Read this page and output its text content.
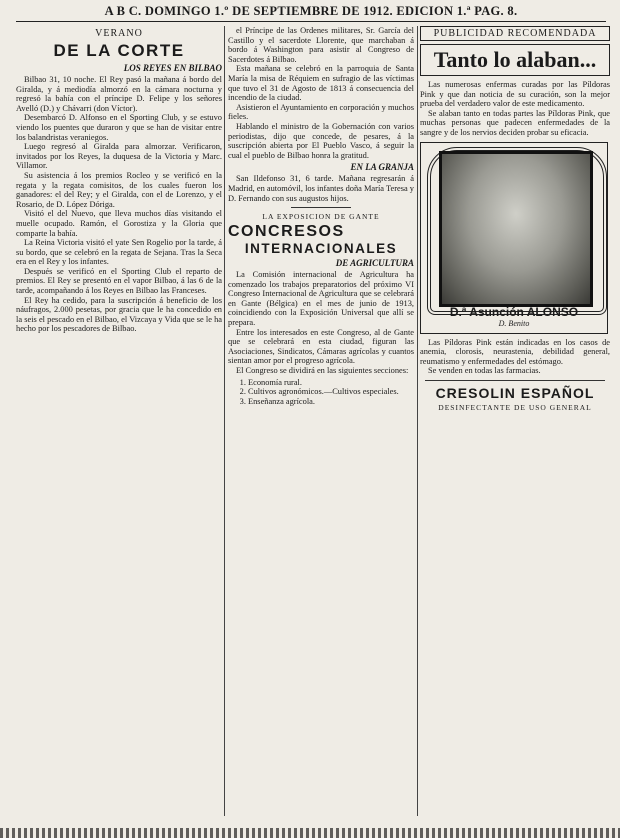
A B C. DOMINGO 1.º DE SEPTIEMBRE DE 1912. EDICION 1.ª PAG. 8.

VERANO

DE LA CORTE

LOS REYES EN BILBAO

Bilbao 31, 10 noche. El Rey pasó la mañana á bordo del Giralda, y á mediodía almorzó en la cámara nocturna y regresó la bahía con el príncipe D. Felipe y los señores Avelló (D.) y Chávarri (don Víctor).

Desembarcó D. Alfonso en el Sporting Club, y se estuvo viendo los puentes que duraron y que se han de visitar entre los balandristas veraniegos.

Luego regresó al Giralda para almorzar. Verificaron, invitados por los Reyes, la duquesa de la Victoria y Marc. Villamor.

Su asistencia á los premios Rocleo y se verificó en la regata y la regata comisitos, de los cuales fueron los ganadores: el del Rey; y el Giralda, con el de Lorenzo, y el Rosario, de D. López Dóriga.

Visitó el del Nuevo, que lleva muchos días visitando el muelle ocupado. Ramón, el Gorostiza y la Gloria que comparte la bahía.

La Reina Victoria visitó el yate Sen Rogelio por la tarde, á su bordo, que se celebró en la regata de Sejana. Tras la Seca era en el Rey y los infantes.

Después se verificó en el Sporting Club el reparto de premios. El Rey se presentó en el vapor Bilbao, á las 6 de la tarde, acompañando á los Reyes en Bilbao las Franceses.

El Rey ha cedido, para la suscripción á beneficio de los náufragos, 2.000 pesetas, por gracia que le ha concedido en la seis el pescado en el Bilbao, el Vizcaya y Vida que se le ha hecho por los pescadores de Bilbao.

el Príncipe de las Ordenes militares, Sr. García del Castillo y el sacerdote Llorente, que marchaban á bordo á Washington para asistir al Congreso de Sacerdotes á Bilbao.

Esta mañana se celebró en la parroquia de Santa María la misa de Réquiem en sufragio de las víctimas que tuvo el 31 de Agosto de 1813 á consecuencia del incendio de la ciudad.

Asistieron el Ayuntamiento en corporación y muchos fieles.

Hablando el ministro de la Gobernación con varios periodistas, dijo que concede, de pesares, á la suscripción abierta por El Pueblo Vasco, á seguir la cual el pueblo de Bilbao honra la gratitud.

EN LA GRANJA

San Ildefonso 31, 6 tarde. Mañana regresarán á Madrid, en automóvil, los infantes doña María Teresa y D. Fernando con sus augustos hijos.

LA EXPOSICION DE GANTE

CONCRESOS

INTERNACIONALES

DE AGRICULTURA

La Comisión internacional de Agricultura ha comenzado los trabajos preparatorios del próximo VI Congreso Internacional de Agricultura que se celebrará en Gante (Bélgica) en el mes de junio de 1913, coincidiendo con la Exposición Universal que allí se prepara.

Entre los interesados en este Congreso, al de Gante que se celebrará en esta ciudad, figuran las Asociaciones, Sindicatos, Cámaras agrícolas y cuantos sientan amor por el progreso agrícola.

El Congreso se dividirá en las siguientes secciones:

1. Economía rural.
2. Cultivos agronómicos.—Cultivos especiales.
3. Enseñanza agrícola.

PUBLICIDAD RECOMENDADA

Tanto lo alaban...

Las numerosas enfermas curadas por las Píldoras Pink y que dan noticia de su curación, son la mejor prueba del verdadero valor de este medicamento.

Se alaban tanto en todas partes las Píldoras Pink, que muchas personas que padecen enfermedades de la sangre y de los nervios deciden probar su eficacia.

D.ª Asunción ALONSO
D. Benito

Las Píldoras Pink están indicadas en los casos de anemia, clorosis, neurastenia, debilidad general, reumatismo y enfermedades del estómago.

Se venden en todas las farmacias.

CRESOLIN ESPAÑOL

DESINFECTANTE DE USO GENERAL
